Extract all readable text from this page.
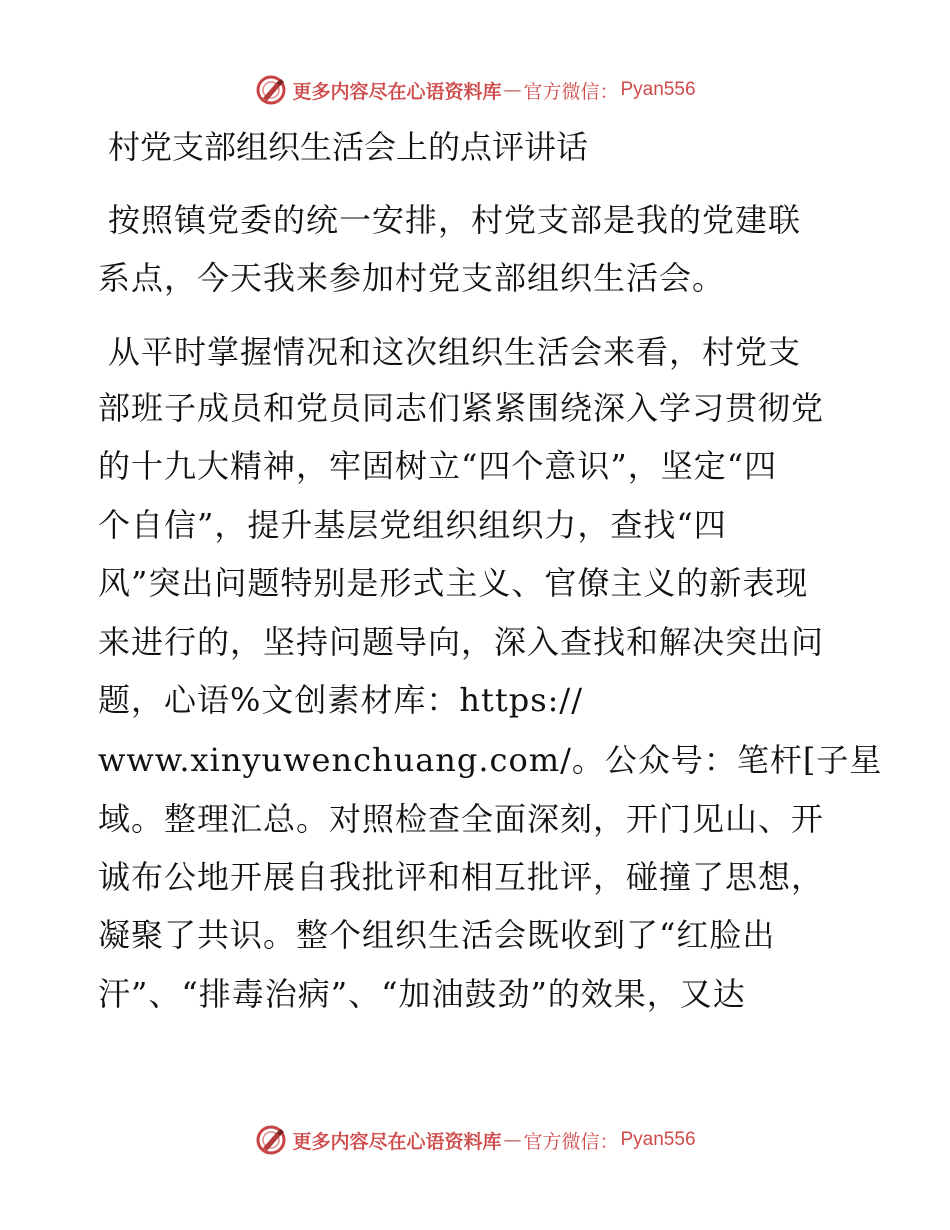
更多内容尽在心语资料库 — 官方微信： Pyan556
村党支部组织生活会上的点评讲话
按照镇党委的统一安排，村党支部是我的党建联
系点，今天我来参加村党支部组织生活会。
从平时掌握情况和这次组织生活会来看，村党支
部班子成员和党员同志们紧紧围绕深入学习贯彻党
的十九大精神，牢固树立“四个意识”，坚定“四
个自信”，提升基层党组织组织力，查找“四
风”突出问题特别是形式主义、官僚主义的新表现
来进行的，坚持问题导向，深入查找和解决突出问
题，心语%文创素材库：https://
www.xinyuwenchuang.com/。公众号：笔杆[子星
域。整理汇总。对照检查全面深刻，开门见山、开
诚布公地开展自我批评和相互批评，碰撞了思想，
凝聚了共识。整个组织生活会既收到了“红脸出
汗”、“排毒治病”、“加油鼓劲”的效果，又达
更多内容尽在心语资料库 — 官方微信： Pyan556
